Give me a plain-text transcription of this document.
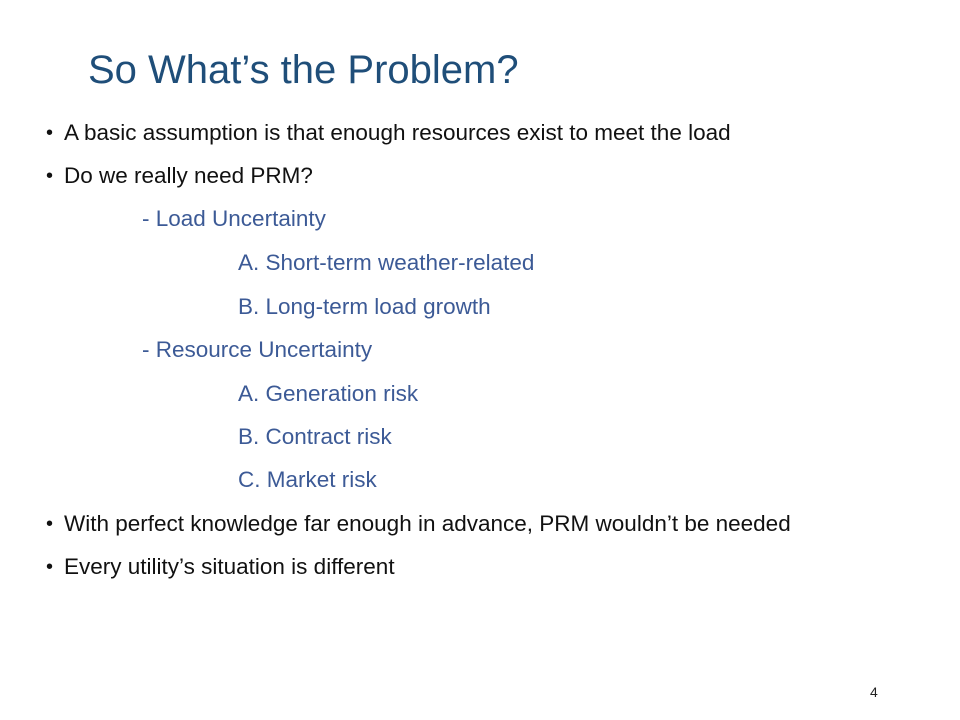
So What’s the Problem?
• A basic assumption is that enough resources exist to meet the load
• Do we really need PRM?
- Load Uncertainty
A. Short-term weather-related
B. Long-term load growth
- Resource Uncertainty
A. Generation risk
B. Contract risk
C. Market risk
• With perfect knowledge far enough in advance, PRM wouldn’t be needed
• Every utility’s situation is different
4
